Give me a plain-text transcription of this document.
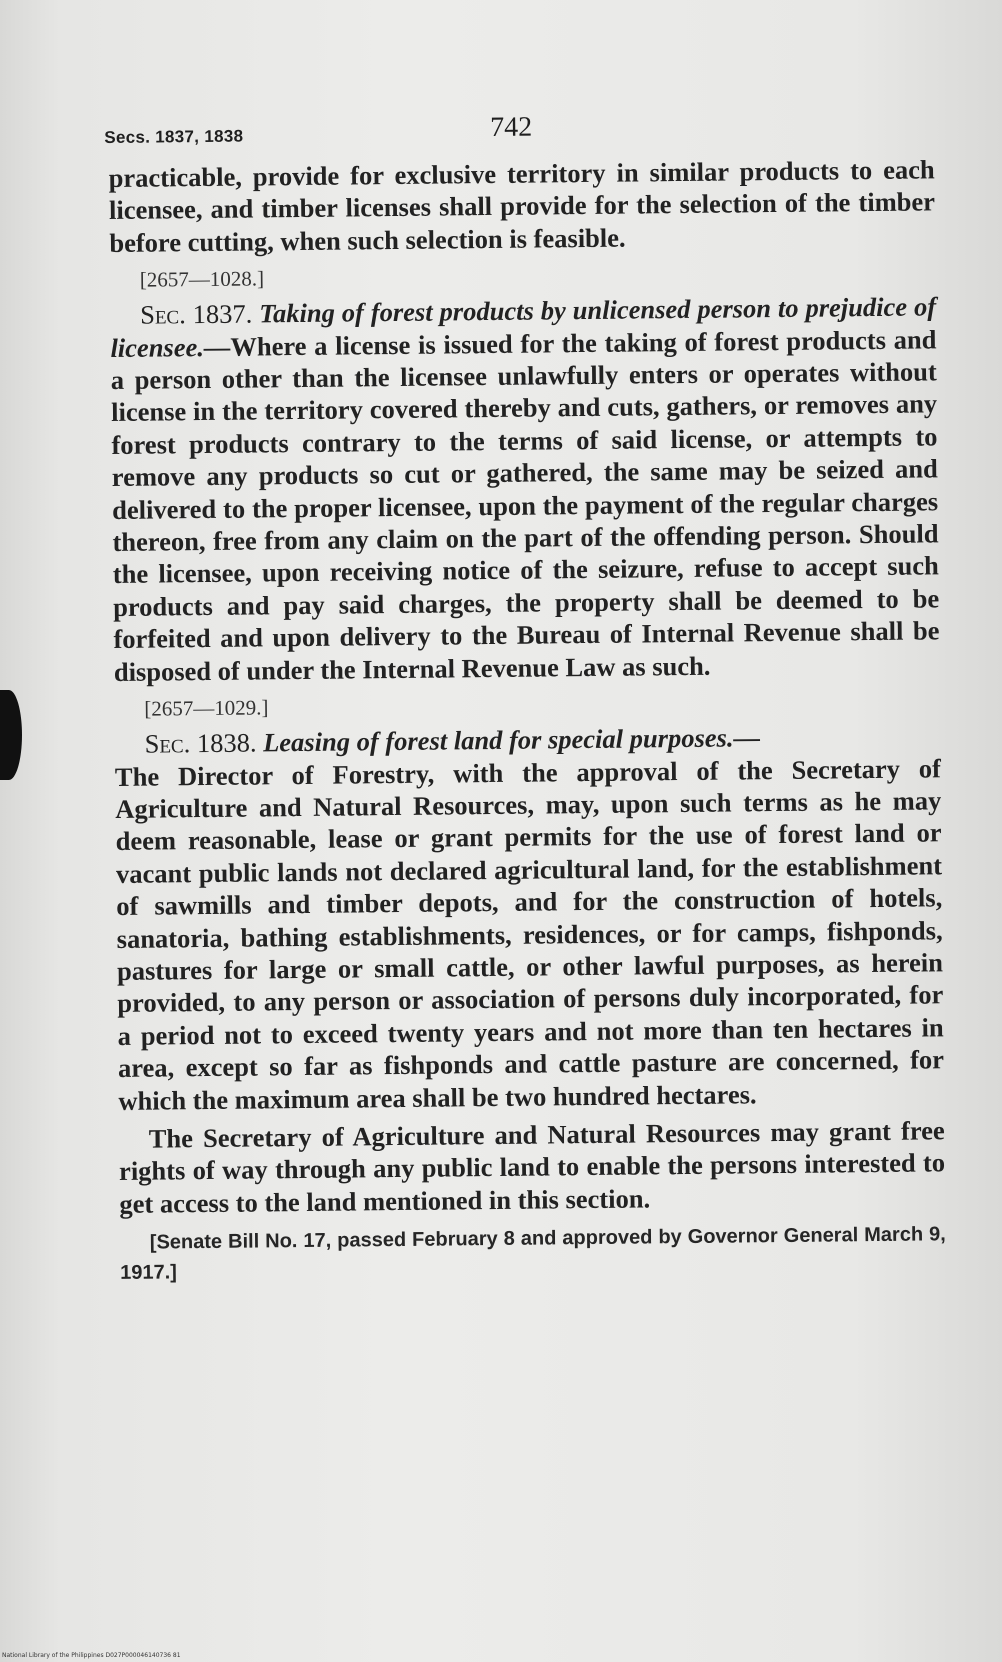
Secs. 1837, 1838	742

practicable, provide for exclusive territory in similar products to each licensee, and timber licenses shall provide for the selection of the timber before cutting, when such selection is feasible.

[2657—1028.]

Sec. 1837. Taking of forest products by unlicensed person to prejudice of licensee.—Where a license is issued for the taking of forest products and a person other than the licensee unlawfully enters or operates without license in the territory covered thereby and cuts, gathers, or removes any forest products contrary to the terms of said license, or attempts to remove any products so cut or gathered, the same may be seized and delivered to the proper licensee, upon the payment of the regular charges thereon, free from any claim on the part of the offending person. Should the licensee, upon receiving notice of the seizure, refuse to accept such products and pay said charges, the property shall be deemed to be forfeited and upon delivery to the Bureau of Internal Revenue shall be disposed of under the Internal Revenue Law as such.

[2657—1029.]

Sec. 1838. Leasing of forest land for special purposes.—
The Director of Forestry, with the approval of the Secretary of Agriculture and Natural Resources, may, upon such terms as he may deem reasonable, lease or grant permits for the use of forest land or vacant public lands not declared agricultural land, for the establishment of sawmills and timber depots, and for the construction of hotels, sanatoria, bathing establishments, residences, or for camps, fishponds, pastures for large or small cattle, or other lawful purposes, as herein provided, to any person or association of persons duly incorporated, for a period not to exceed twenty years and not more than ten hectares in area, except so far as fishponds and cattle pasture are concerned, for which the maximum area shall be two hundred hectares.

The Secretary of Agriculture and Natural Resources may grant free rights of way through any public land to enable the persons interested to get access to the land mentioned in this section.

[Senate Bill No. 17, passed February 8 and approved by Governor General March 9, 1917.]

National Library of the Philippines D027P000046140736 81
